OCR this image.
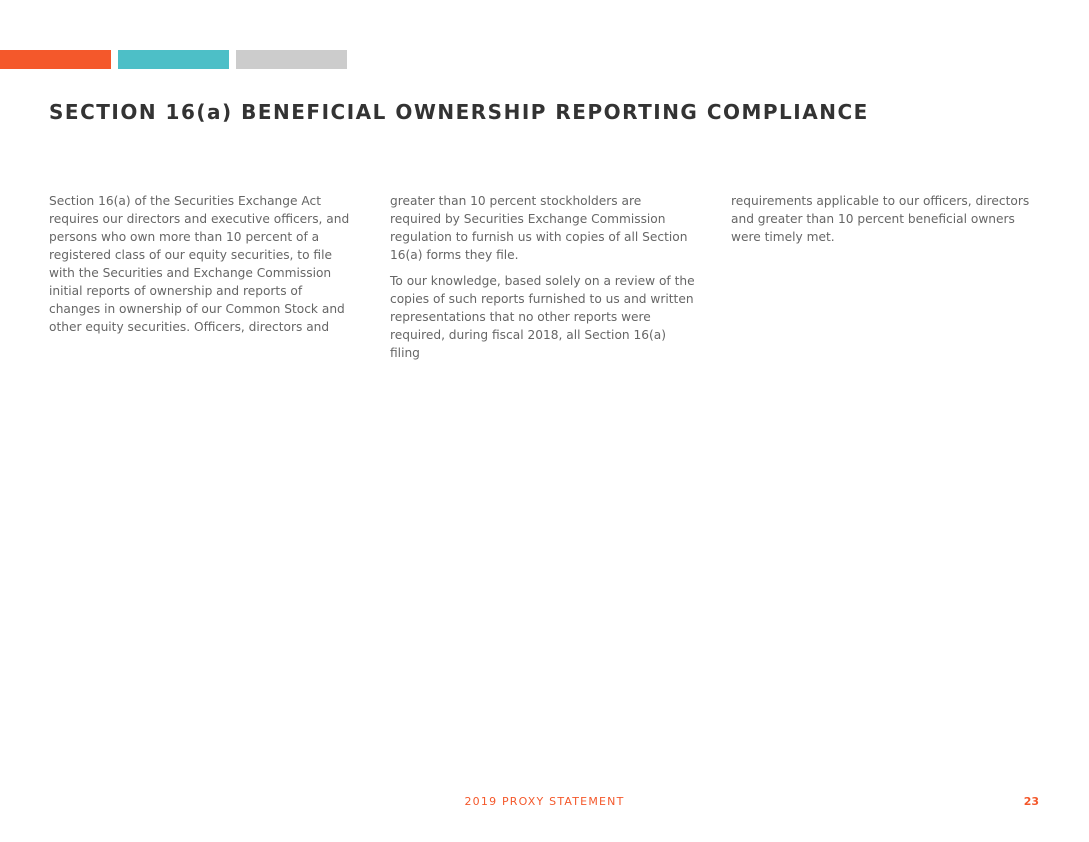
SECTION 16(a) BENEFICIAL OWNERSHIP REPORTING COMPLIANCE

Section 16(a) of the Securities Exchange Act requires our directors and executive officers, and persons who own more than 10 percent of a registered class of our equity securities, to file with the Securities and Exchange Commission initial reports of ownership and reports of changes in ownership of our Common Stock and other equity securities. Officers, directors and

greater than 10 percent stockholders are required by Securities Exchange Commission regulation to furnish us with copies of all Section 16(a) forms they file.

To our knowledge, based solely on a review of the copies of such reports furnished to us and written representations that no other reports were required, during fiscal 2018, all Section 16(a) filing

requirements applicable to our officers, directors and greater than 10 percent beneficial owners were timely met.

2019 PROXY STATEMENT	23
